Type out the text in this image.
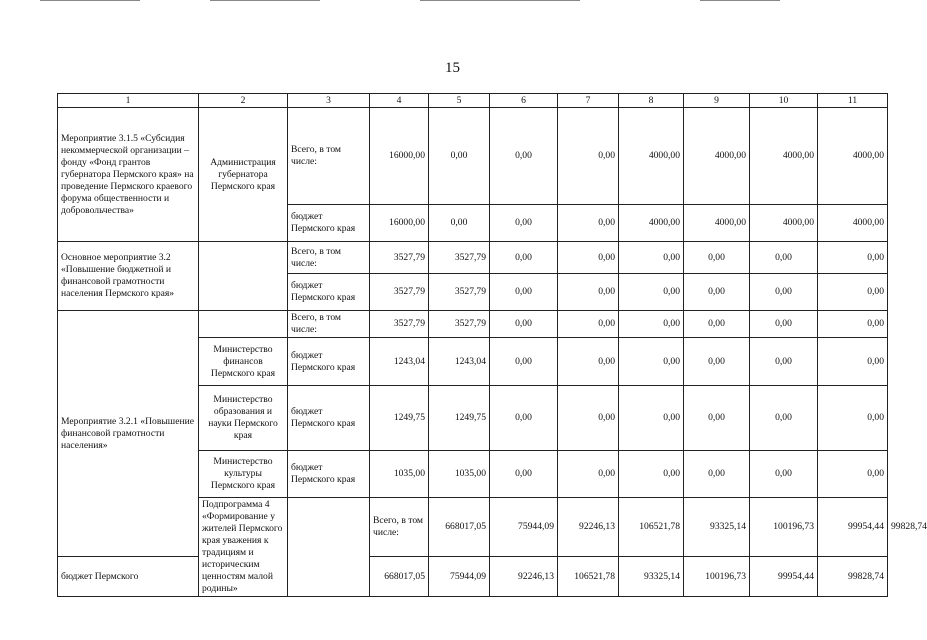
15
1	2	3	4	5	6	7	8	9	10	11	
Мероприятие 3.1.5 «Субсидия некоммерческой организации – фонду «Фонд грантов губернатора Пермского края» на проведение Пермского краевого форума общественности и добровольчества»	Администрация губернатора Пермского края	Всего, в том числе:	16000,00	0,00	0,00	0,00	4000,00	4000,00	4000,00	4000,00	
		бюджет Пермского края	16000,00	0,00	0,00	0,00	4000,00	4000,00	4000,00	4000,00	
Основное мероприятие 3.2 «Повышение бюджетной и финансовой грамотности населения Пермского края»		Всего, в том числе:	3527,79	3527,79	0,00	0,00	0,00	0,00	0,00	0,00	
		бюджет Пермского края	3527,79	3527,79	0,00	0,00	0,00	0,00	0,00	0,00	
Мероприятие 3.2.1 «Повышение финансовой грамотности населения»		Всего, в том числе:	3527,79	3527,79	0,00	0,00	0,00	0,00	0,00	0,00	
	Министерство финансов Пермского края	бюджет Пермского края	1243,04	1243,04	0,00	0,00	0,00	0,00	0,00	0,00	
	Министерство образования и науки Пермского края	бюджет Пермского края	1249,75	1249,75	0,00	0,00	0,00	0,00	0,00	0,00	
	Министерство культуры Пермского края	бюджет Пермского края	1035,00	1035,00	0,00	0,00	0,00	0,00	0,00	0,00	
	Подпрограмма 4 «Формирование у жителей Пермского края уважения к традициям и историческим ценностям малой родины»		Всего, в том числе:	668017,05	75944,09	92246,13	106521,78	93325,14	100196,73	99954,44	99828,74
бюджет Пермского			668017,05	75944,09	92246,13	106521,78	93325,14	100196,73	99954,44	99828,74	
